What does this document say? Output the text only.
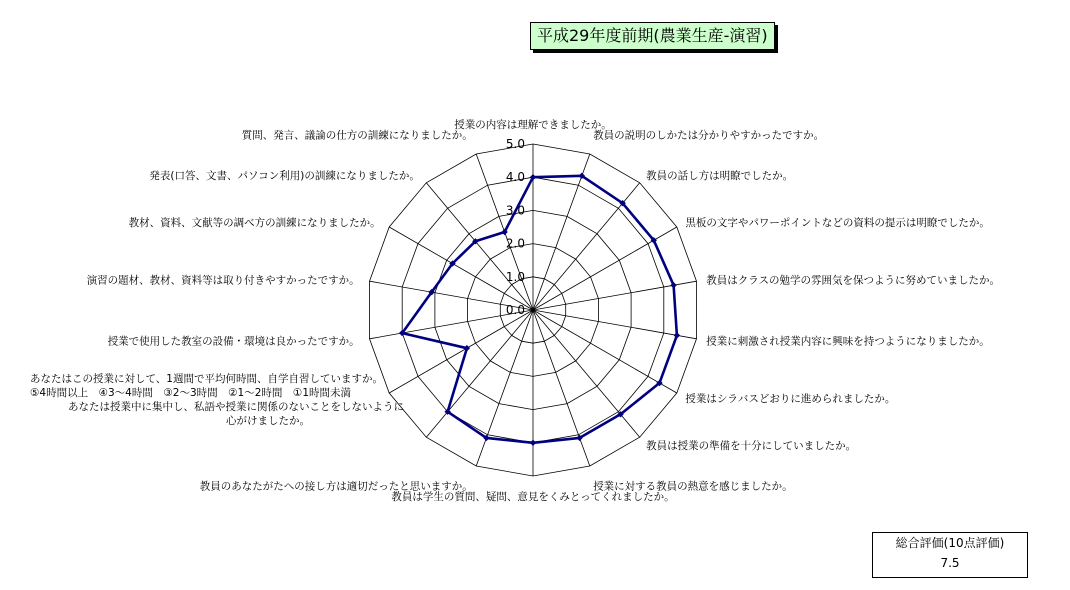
平成29年度前期(農業生産-演習)
0.0
1.0
2.0
3.0
4.0
5.0
授業の内容は理解できましたか。
教員の説明のしかたは分かりやすかったですか。
教員の話し方は明瞭でしたか。
黒板の文字やパワーポイントなどの資料の提示は明瞭でしたか。
教員はクラスの勉学の雰囲気を保つように努めていましたか。
授業に刺激され授業内容に興味を持つようになりましたか。
授業はシラバスどおりに進められましたか。
教員は授業の準備を十分にしていましたか。
授業に対する教員の熱意を感じましたか。
教員は学生の質問、疑問、意見をくみとってくれましたか。
教員のあなたがたへの接し方は適切だったと思いますか。
授業で使用した教室の設備・環境は良かったですか。
演習の題材、教材、資料等は取り付きやすかったですか。
教材、資料、文献等の調べ方の訓練になりましたか。
発表(口答、文書、パソコン利用)の訓練になりましたか。
質問、発言、議論の仕方の訓練になりましたか。
あなたはこの授業に対して、1週間で平均何時間、自学自習していますか。
⑤4時間以上　④3～4時間　③2～3時間　②1～2時間　①1時間未満
あなたは授業中に集中し、私語や授業に関係のないことをしないように
心がけましたか。
総合評価(10点評価)
7.5
